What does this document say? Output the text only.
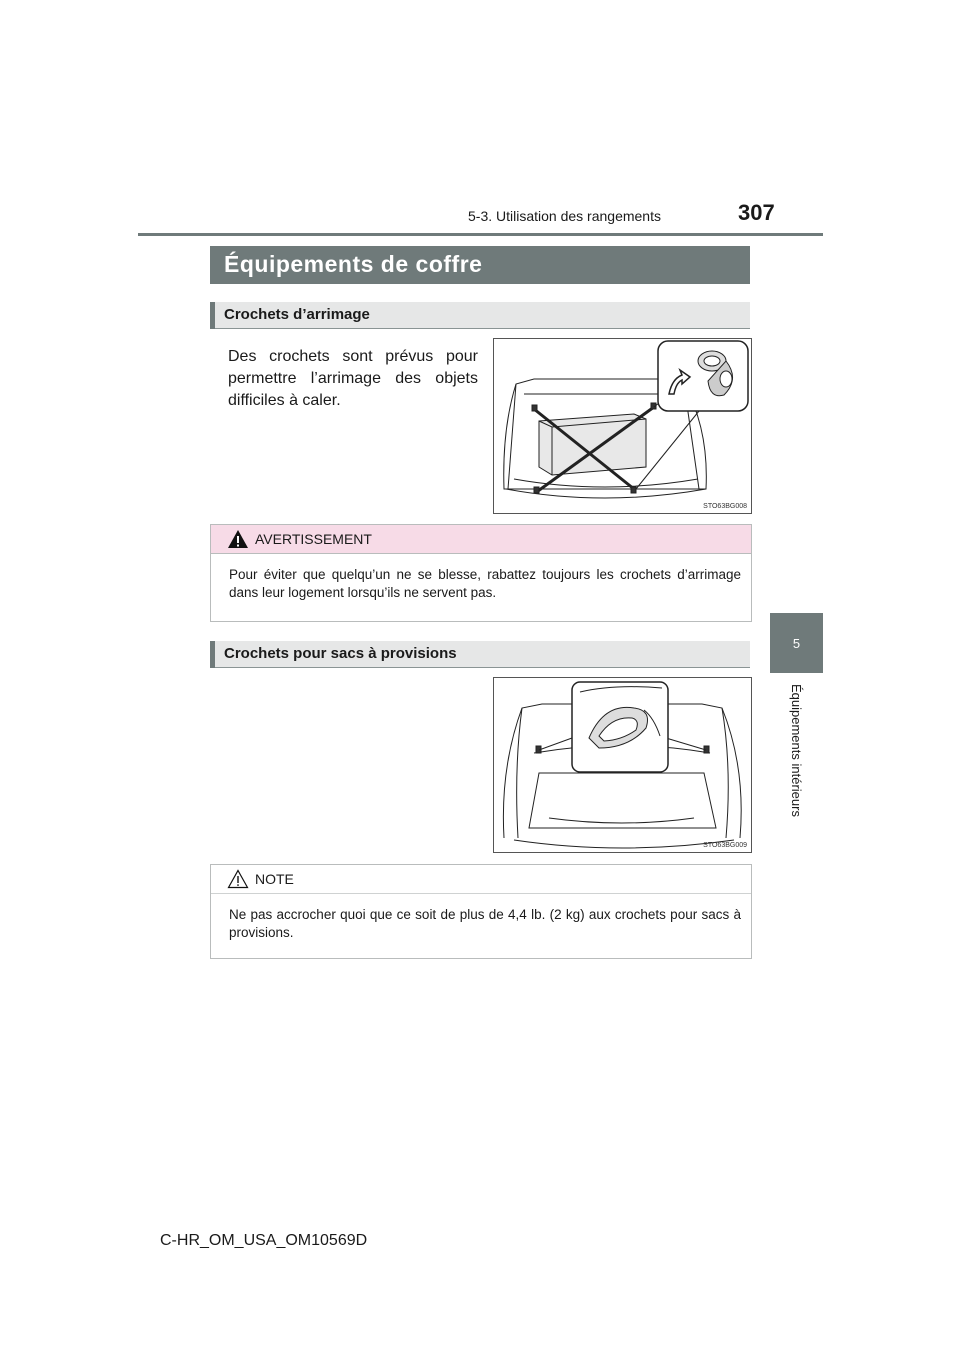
5-3. Utilisation des rangements	307
5
Équipements intérieurs
Équipements de coffre
Crochets d’arrimage
Des crochets sont prévus pour permettre l’arrimage des objets difficiles à caler.
STO63BG008
AVERTISSEMENT
Pour éviter que quelqu’un ne se blesse, rabattez toujours les crochets d’arrimage dans leur logement lorsqu’ils ne servent pas.
Crochets pour sacs à provisions
STO63BG009
NOTE
Ne pas accrocher quoi que ce soit de plus de 4,4 lb. (2 kg) aux crochets pour sacs à provisions.
C-HR_OM_USA_OM10569D
